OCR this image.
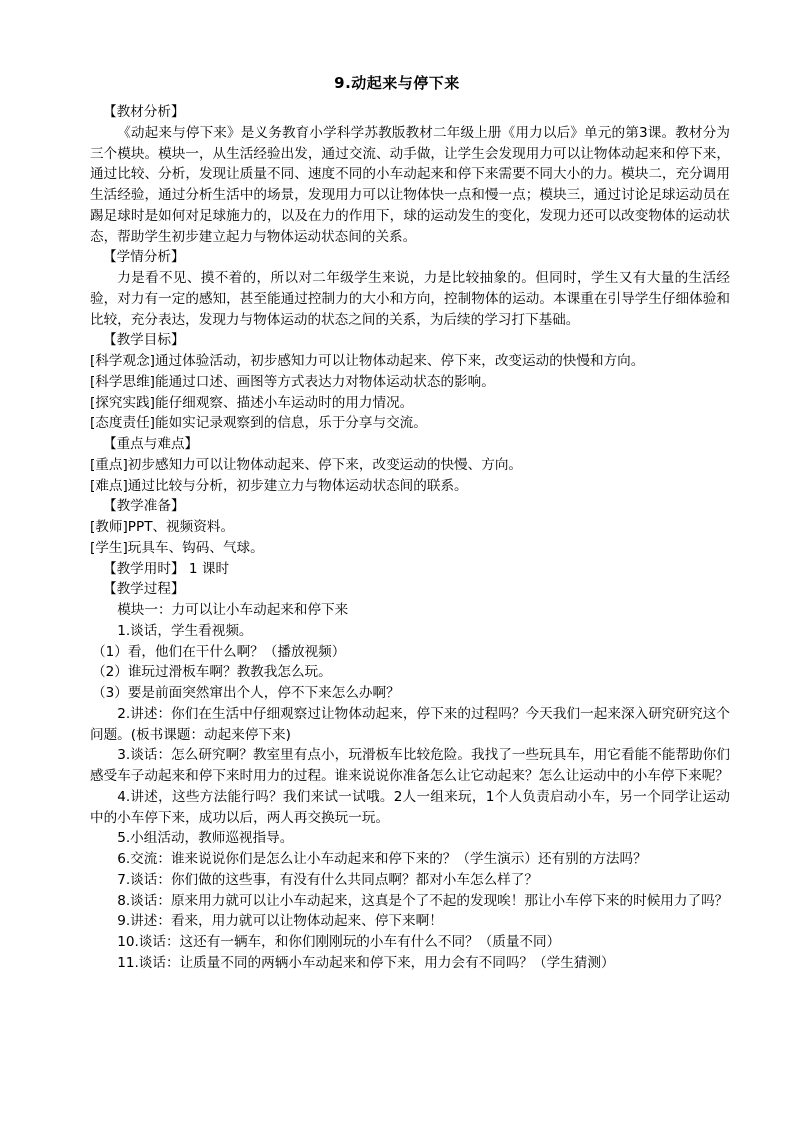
9.动起来与停下来

【教材分析】

《动起来与停下来》是义务教育小学科学苏教版教材二年级上册《用力以后》单元的第3课。教材分为三个模块。模块一，从生活经验出发，通过交流、动手做，让学生会发现用力可以让物体动起来和停下来，通过比较、分析，发现让质量不同、速度不同的小车动起来和停下来需要不同大小的力。模块二，充分调用生活经验，通过分析生活中的场景，发现用力可以让物体快一点和慢一点；模块三，通过讨论足球运动员在踢足球时是如何对足球施力的，以及在力的作用下，球的运动发生的变化，发现力还可以改变物体的运动状态，帮助学生初步建立起力与物体运动状态间的关系。

【学情分析】

力是看不见、摸不着的，所以对二年级学生来说，力是比较抽象的。但同时，学生又有大量的生活经验，对力有一定的感知，甚至能通过控制力的大小和方向，控制物体的运动。本课重在引导学生仔细体验和比较，充分表达，发现力与物体运动的状态之间的关系，为后续的学习打下基础。

【教学目标】

[科学观念]通过体验活动，初步感知力可以让物体动起来、停下来，改变运动的快慢和方向。

[科学思维]能通过口述、画图等方式表达力对物体运动状态的影响。

[探究实践]能仔细观察、描述小车运动时的用力情况。

[态度责任]能如实记录观察到的信息，乐于分享与交流。

【重点与难点】

[重点]初步感知力可以让物体动起来、停下来，改变运动的快慢、方向。

[难点]通过比较与分析，初步建立力与物体运动状态间的联系。

【教学准备】

[教师]PPT、视频资料。

[学生]玩具车、钩码、气球。

【教学用时】 1 课时

【教学过程】

模块一：力可以让小车动起来和停下来

1.谈话，学生看视频。

（1）看，他们在干什么啊？（播放视频）

（2）谁玩过滑板车啊？教教我怎么玩。

（3）要是前面突然窜出个人，停不下来怎么办啊？

2.讲述：你们在生活中仔细观察过让物体动起来，停下来的过程吗？今天我们一起来深入研究研究这个问题。(板书课题：动起来停下来)

3.谈话：怎么研究啊？教室里有点小，玩滑板车比较危险。我找了一些玩具车，用它看能不能帮助你们感受车子动起来和停下来时用力的过程。谁来说说你准备怎么让它动起来？怎么让运动中的小车停下来呢？

4.讲述，这些方法能行吗？我们来试一试哦。2人一组来玩，1个人负责启动小车，另一个同学让运动中的小车停下来，成功以后，两人再交换玩一玩。

5.小组活动，教师巡视指导。

6.交流：谁来说说你们是怎么让小车动起来和停下来的？（学生演示）还有别的方法吗？

7.谈话：你们做的这些事，有没有什么共同点啊？都对小车怎么样了？

8.谈话：原来用力就可以让小车动起来，这真是个了不起的发现唉！那让小车停下来的时候用力了吗？

9.讲述：看来，用力就可以让物体动起来、停下来啊！

10.谈话：这还有一辆车，和你们刚刚玩的小车有什么不同？（质量不同）

11.谈话：让质量不同的两辆小车动起来和停下来，用力会有不同吗？（学生猜测）
